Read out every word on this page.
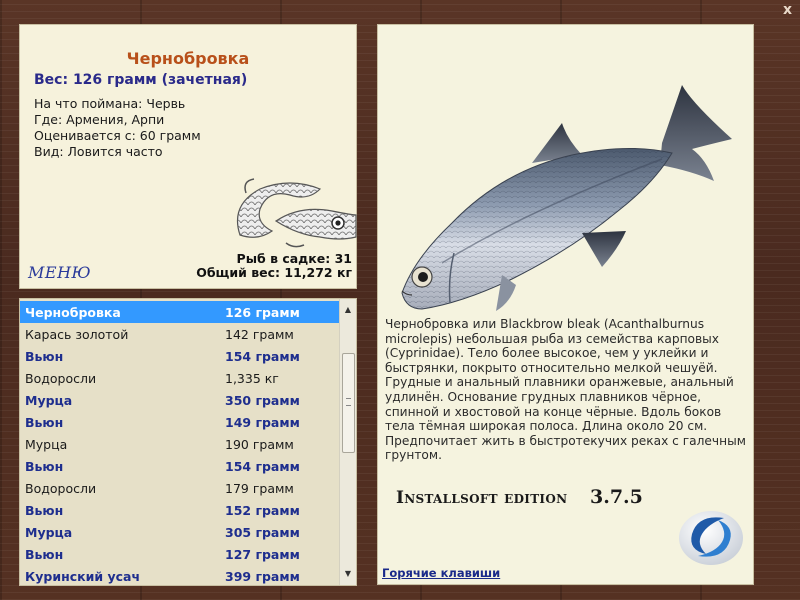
x
Чернобровка
Вес: 126 грамм (зачетная)
На что поймана: Червь
Где: Армения, Арпи
Оценивается с: 60 грамм
Вид: Ловится часто
МЕНЮ
Рыб в садке: 31
Общий вес: 11,272 кг
Чернобровка	126 грамм
Карась золотой	142 грамм
Вьюн	154 грамм
Водоросли	1,335 кг
Мурца	350 грамм
Вьюн	149 грамм
Мурца	190 грамм
Вьюн	154 грамм
Водоросли	179 грамм
Вьюн	152 грамм
Мурца	305 грамм
Вьюн	127 грамм
Куринский усач	399 грамм
▲
▼
Чернобровка или Blackbrow bleak (Acanthalburnus microlepis) небольшая рыба из семейства карповых (Cyprinidae). Тело более высокое, чем у уклейки и быстрянки, покрыто относительно мелкой чешуёй. Грудные и анальный плавники оранжевые, анальный удлинён. Основание грудных плавников чёрное, спинной и хвостовой на конце чёрные. Вдоль боков тела тёмная широкая полоса. Длина около 20 см. Предпочитает жить в быстротекучих реках с галечным грунтом.
Installsoft edition 3.7.5
Горячие клавиши
